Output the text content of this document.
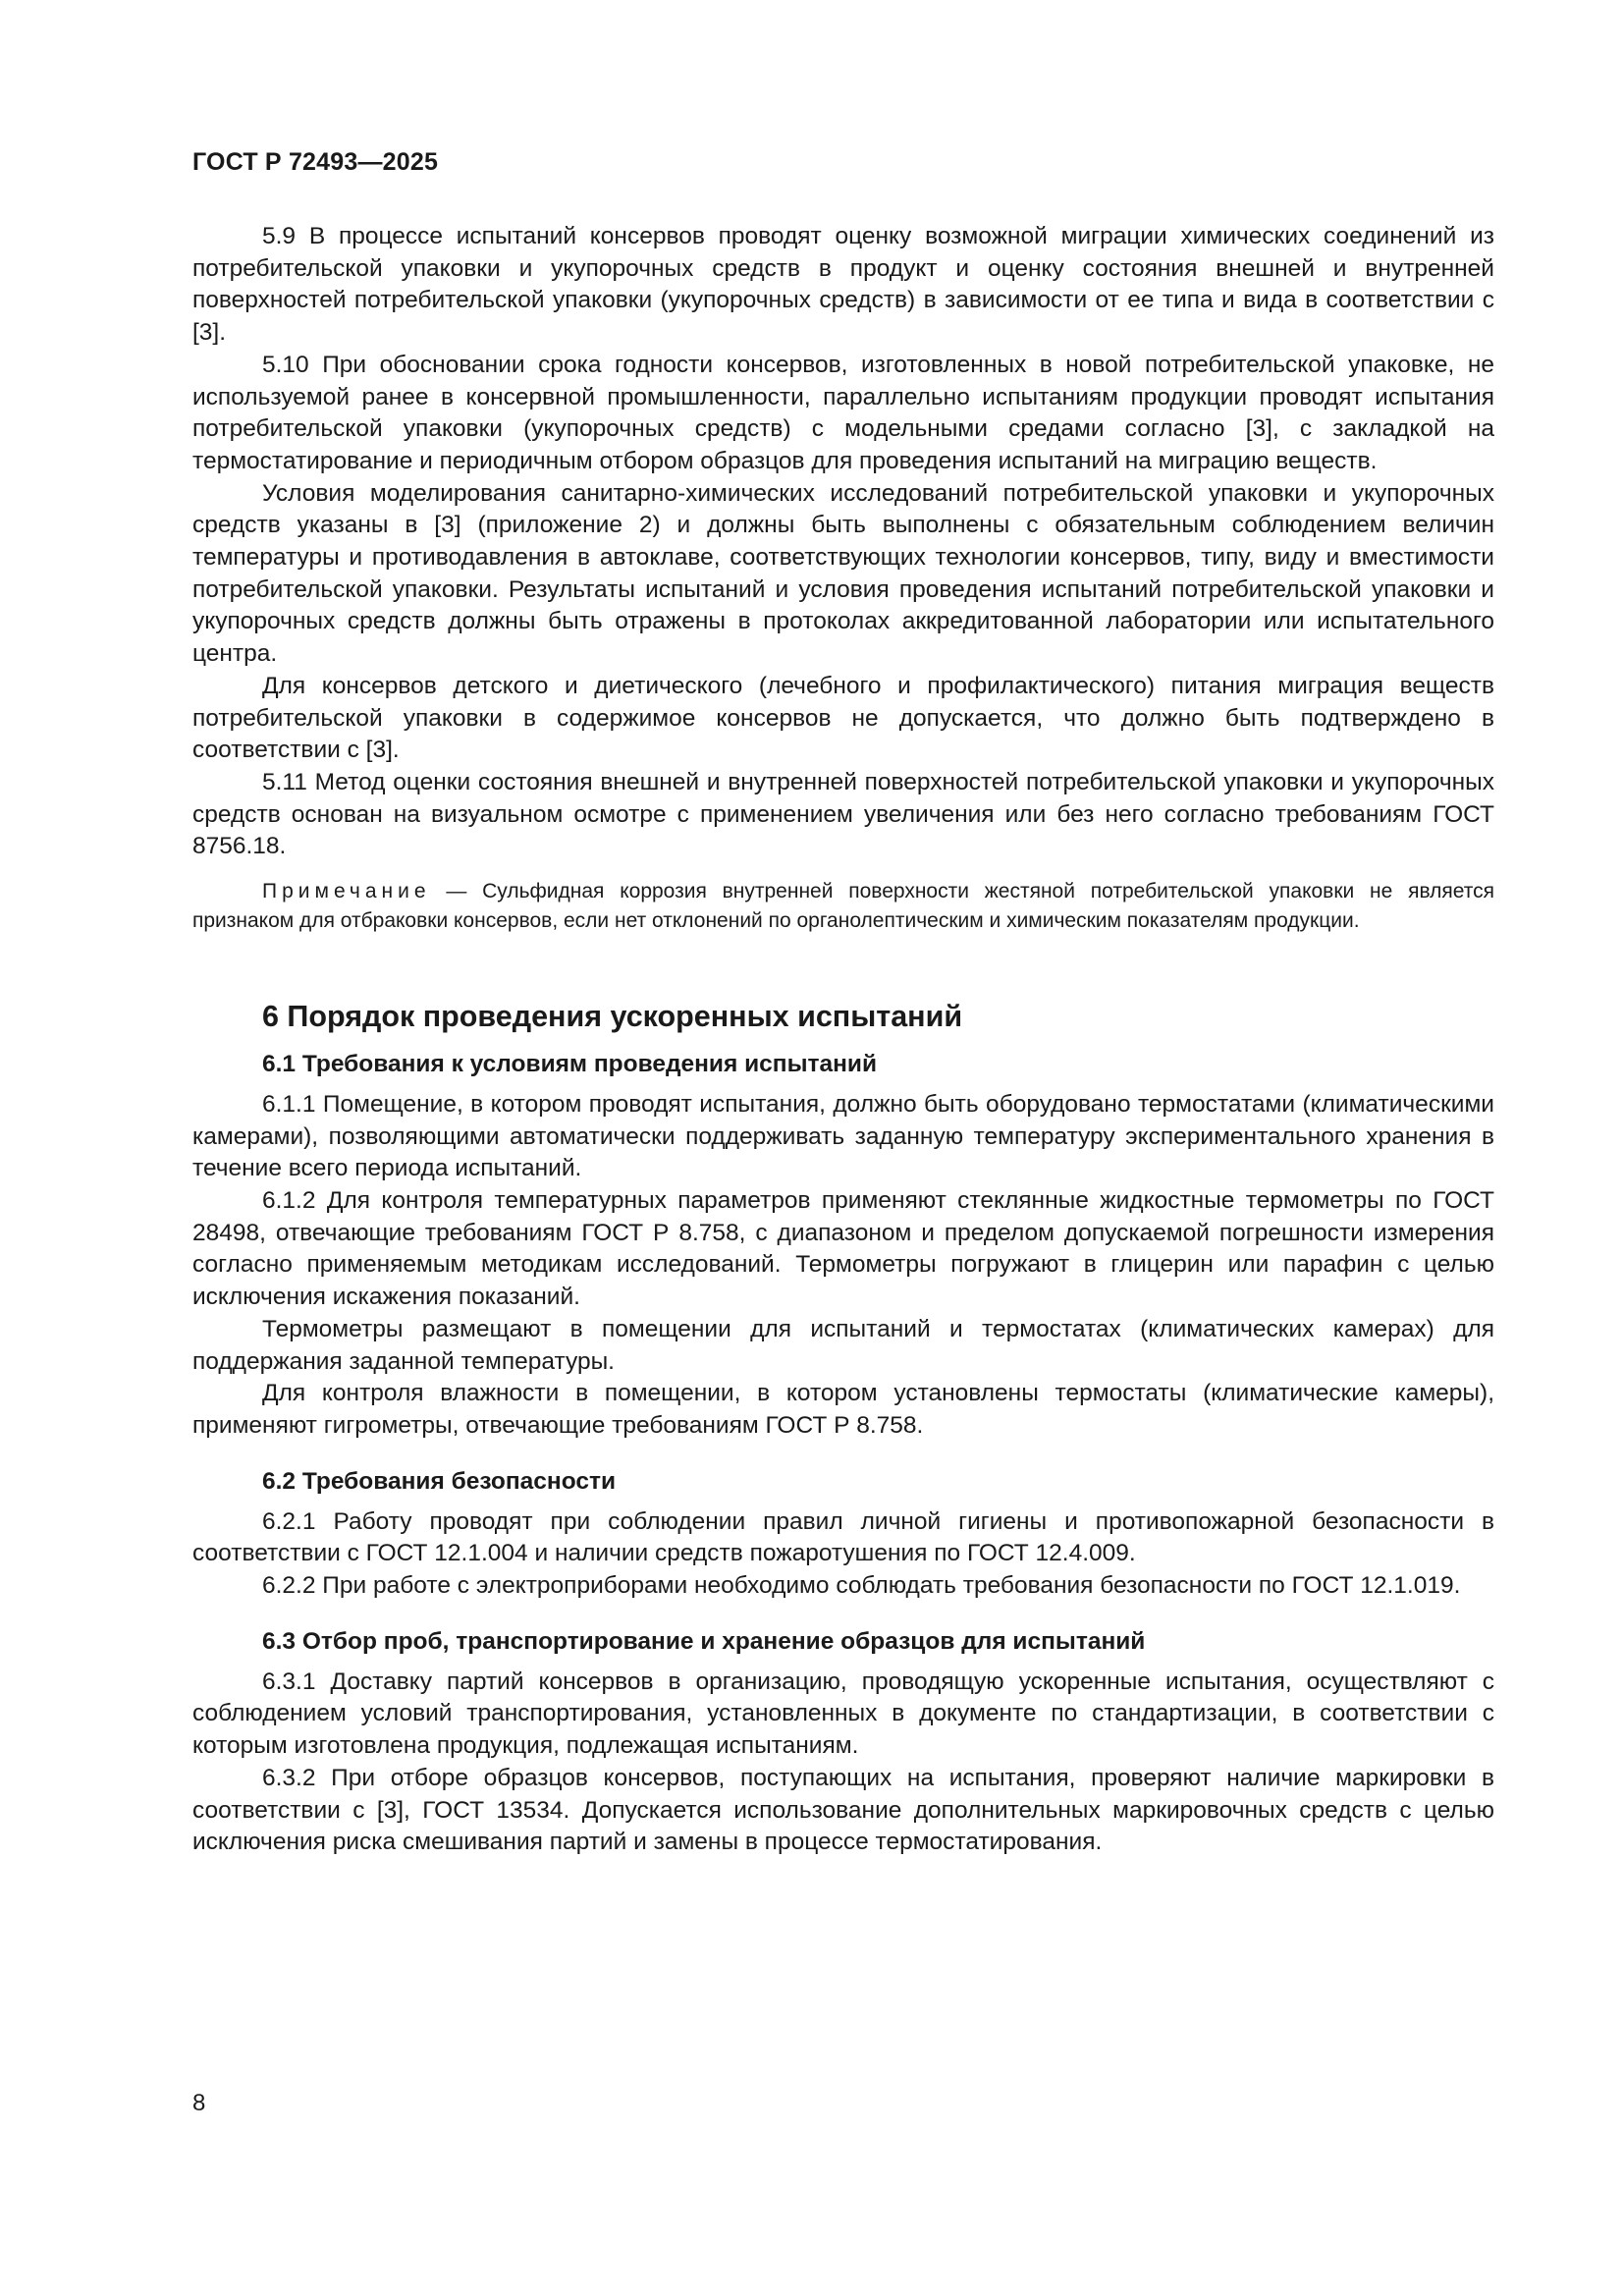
ГОСТ Р 72493—2025

5.9 В процессе испытаний консервов проводят оценку возможной миграции химических соединений из потребительской упаковки и укупорочных средств в продукт и оценку состояния внешней и внутренней поверхностей потребительской упаковки (укупорочных средств) в зависимости от ее типа и вида в соответствии с [3].

5.10 При обосновании срока годности консервов, изготовленных в новой потребительской упаковке, не используемой ранее в консервной промышленности, параллельно испытаниям продукции проводят испытания потребительской упаковки (укупорочных средств) с модельными средами согласно [3], с закладкой на термостатирование и периодичным отбором образцов для проведения испытаний на миграцию веществ.

Условия моделирования санитарно-химических исследований потребительской упаковки и укупорочных средств указаны в [3] (приложение 2) и должны быть выполнены с обязательным соблюдением величин температуры и противодавления в автоклаве, соответствующих технологии консервов, типу, виду и вместимости потребительской упаковки. Результаты испытаний и условия проведения испытаний потребительской упаковки и укупорочных средств должны быть отражены в протоколах аккредитованной лаборатории или испытательного центра.

Для консервов детского и диетического (лечебного и профилактического) питания миграция веществ потребительской упаковки в содержимое консервов не допускается, что должно быть подтверждено в соответствии с [3].

5.11 Метод оценки состояния внешней и внутренней поверхностей потребительской упаковки и укупорочных средств основан на визуальном осмотре с применением увеличения или без него согласно требованиям ГОСТ 8756.18.

Примечание — Сульфидная коррозия внутренней поверхности жестяной потребительской упаковки не является признаком для отбраковки консервов, если нет отклонений по органолептическим и химическим показателям продукции.

6 Порядок проведения ускоренных испытаний
6.1 Требования к условиям проведения испытаний

6.1.1 Помещение, в котором проводят испытания, должно быть оборудовано термостатами (климатическими камерами), позволяющими автоматически поддерживать заданную температуру экспериментального хранения в течение всего периода испытаний.

6.1.2 Для контроля температурных параметров применяют стеклянные жидкостные термометры по ГОСТ 28498, отвечающие требованиям ГОСТ Р 8.758, с диапазоном и пределом допускаемой погрешности измерения согласно применяемым методикам исследований. Термометры погружают в глицерин или парафин с целью исключения искажения показаний.

Термометры размещают в помещении для испытаний и термостатах (климатических камерах) для поддержания заданной температуры.

Для контроля влажности в помещении, в котором установлены термостаты (климатические камеры), применяют гигрометры, отвечающие требованиям ГОСТ Р 8.758.

6.2 Требования безопасности

6.2.1 Работу проводят при соблюдении правил личной гигиены и противопожарной безопасности в соответствии с ГОСТ 12.1.004 и наличии средств пожаротушения по ГОСТ 12.4.009.

6.2.2 При работе с электроприборами необходимо соблюдать требования безопасности по ГОСТ 12.1.019.

6.3 Отбор проб, транспортирование и хранение образцов для испытаний

6.3.1 Доставку партий консервов в организацию, проводящую ускоренные испытания, осуществляют с соблюдением условий транспортирования, установленных в документе по стандартизации, в соответствии с которым изготовлена продукция, подлежащая испытаниям.

6.3.2 При отборе образцов консервов, поступающих на испытания, проверяют наличие маркировки в соответствии с [3], ГОСТ 13534. Допускается использование дополнительных маркировочных средств с целью исключения риска смешивания партий и замены в процессе термостатирования.

8
